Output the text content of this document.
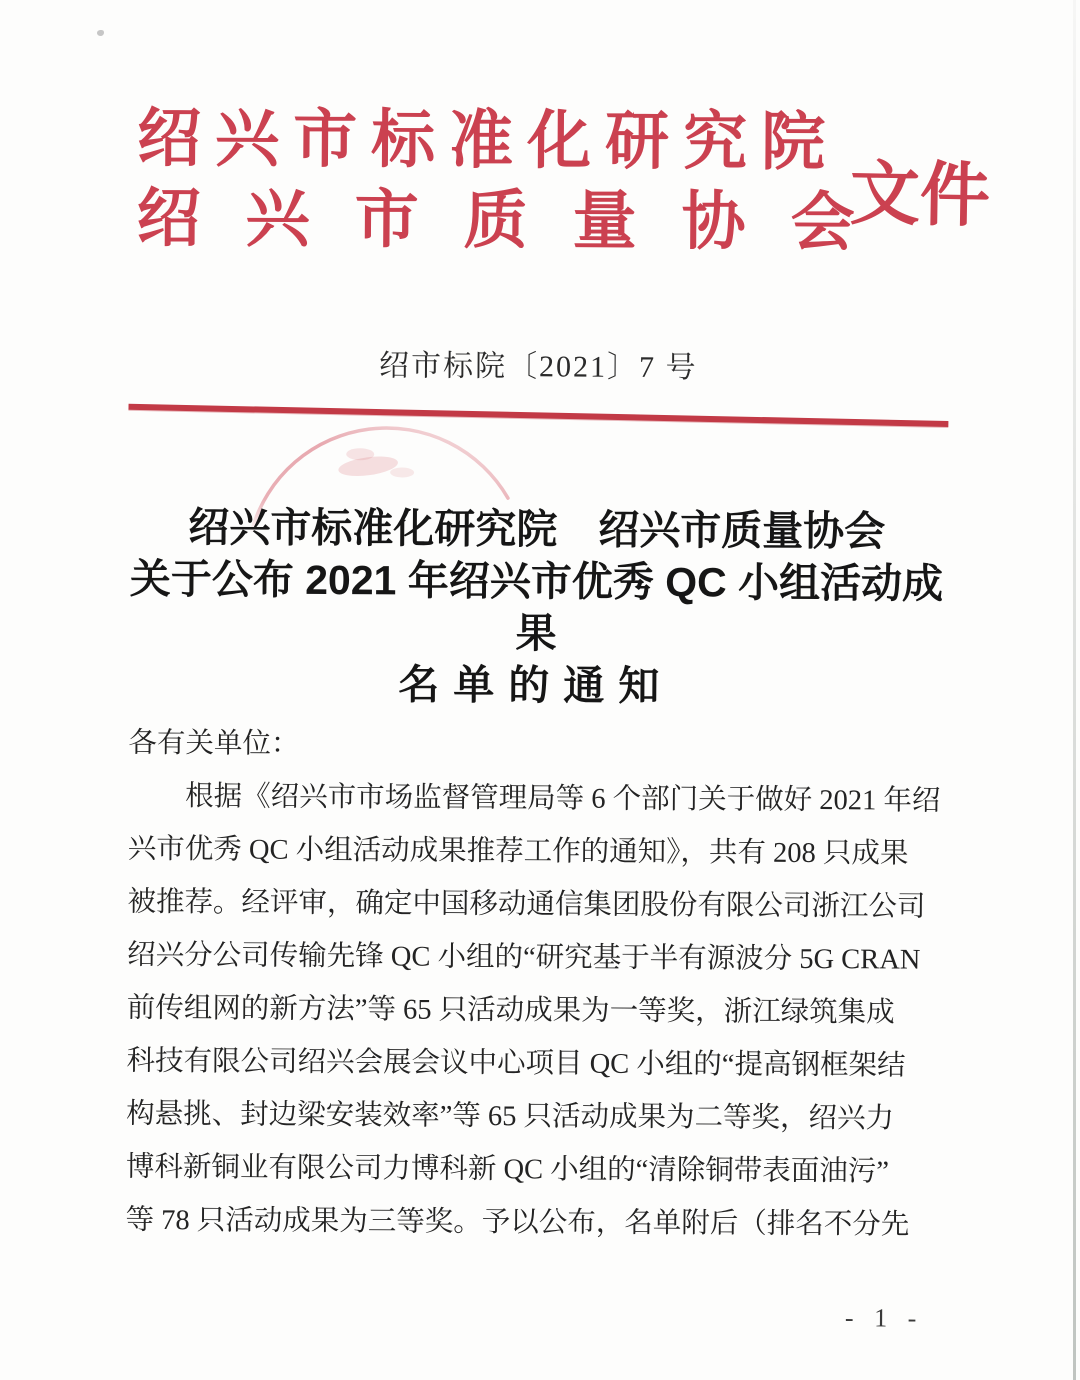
绍兴市标准化研究院
绍兴市质量协会
文件
绍市标院〔2021〕7 号
绍兴市标准化研究院　绍兴市质量协会
关于公布 2021 年绍兴市优秀 QC 小组活动成果
名单的通知
各有关单位：
根据《绍兴市市场监督管理局等 6 个部门关于做好 2021 年绍
兴市优秀 QC 小组活动成果推荐工作的通知》，共有 208 只成果
被推荐。经评审，确定中国移动通信集团股份有限公司浙江公司
绍兴分公司传输先锋 QC 小组的“研究基于半有源波分 5G CRAN
前传组网的新方法”等 65 只活动成果为一等奖，浙江绿筑集成
科技有限公司绍兴会展会议中心项目 QC 小组的“提高钢框架结
构悬挑、封边梁安装效率”等 65 只活动成果为二等奖，绍兴力
博科新铜业有限公司力博科新 QC 小组的“清除铜带表面油污”
等 78 只活动成果为三等奖。予以公布，名单附后（排名不分先
- 1 -
